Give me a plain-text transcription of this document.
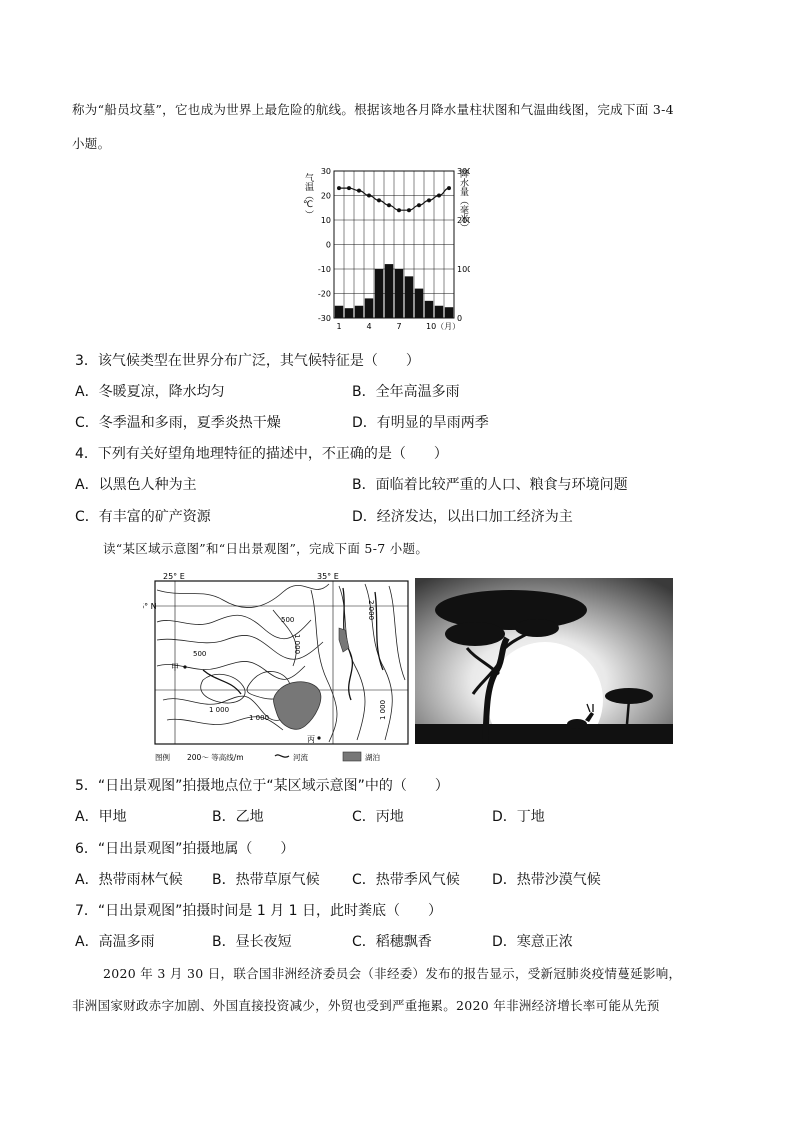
称为“船员坟墓”，它也成为世界上最危险的航线。根据该地各月降水量柱状图和气温曲线图，完成下面 3-4
小题。
30
20
10
0
-10
-20
-30
300
200
100
0
1	4	7	10（月）
气温（℃）	降水量（毫米）
3．该气候类型在世界分布广泛，其气候特征是（　　）
A．冬暖夏凉，降水均匀	B．全年高温多雨
C．冬季温和多雨，夏季炎热干燥	D．有明显的旱雨两季
4．下列有关好望角地理特征的描述中，不正确的是（　　）
A．以黑色人种为主	B．面临着比较严重的人口、粮食与环境问题
C．有丰富的矿产资源	D．经济发达，以出口加工经济为主
读“某区域示意图”和“日出景观图”，完成下面 5-7 小题。
25° E	35° E
° N
500
500
1 000
1 000
2 000
1 000
1 000
甲
丙
图例 200～ 等高线/m	河流	湖泊
5．“日出景观图”拍摄地点位于“某区域示意图”中的（　　）
A．甲地	B．乙地	C．丙地	D．丁地
6．“日出景观图”拍摄地属（　　）
A．热带雨林气候 B．热带草原气候 C．热带季风气候 D．热带沙漠气候
7．“日出景观图”拍摄时间是 1 月 1 日，此时粪底（　　）
A．高温多雨	B．昼长夜短	C．稻穗飘香	D．寒意正浓
2020 年 3 月 30 日，联合国非洲经济委员会（非经委）发布的报告显示，受新冠肺炎疫情蔓延影响，
非洲国家财政赤字加剧、外国直接投资减少，外贸也受到严重拖累。2020 年非洲经济增长率可能从先预
